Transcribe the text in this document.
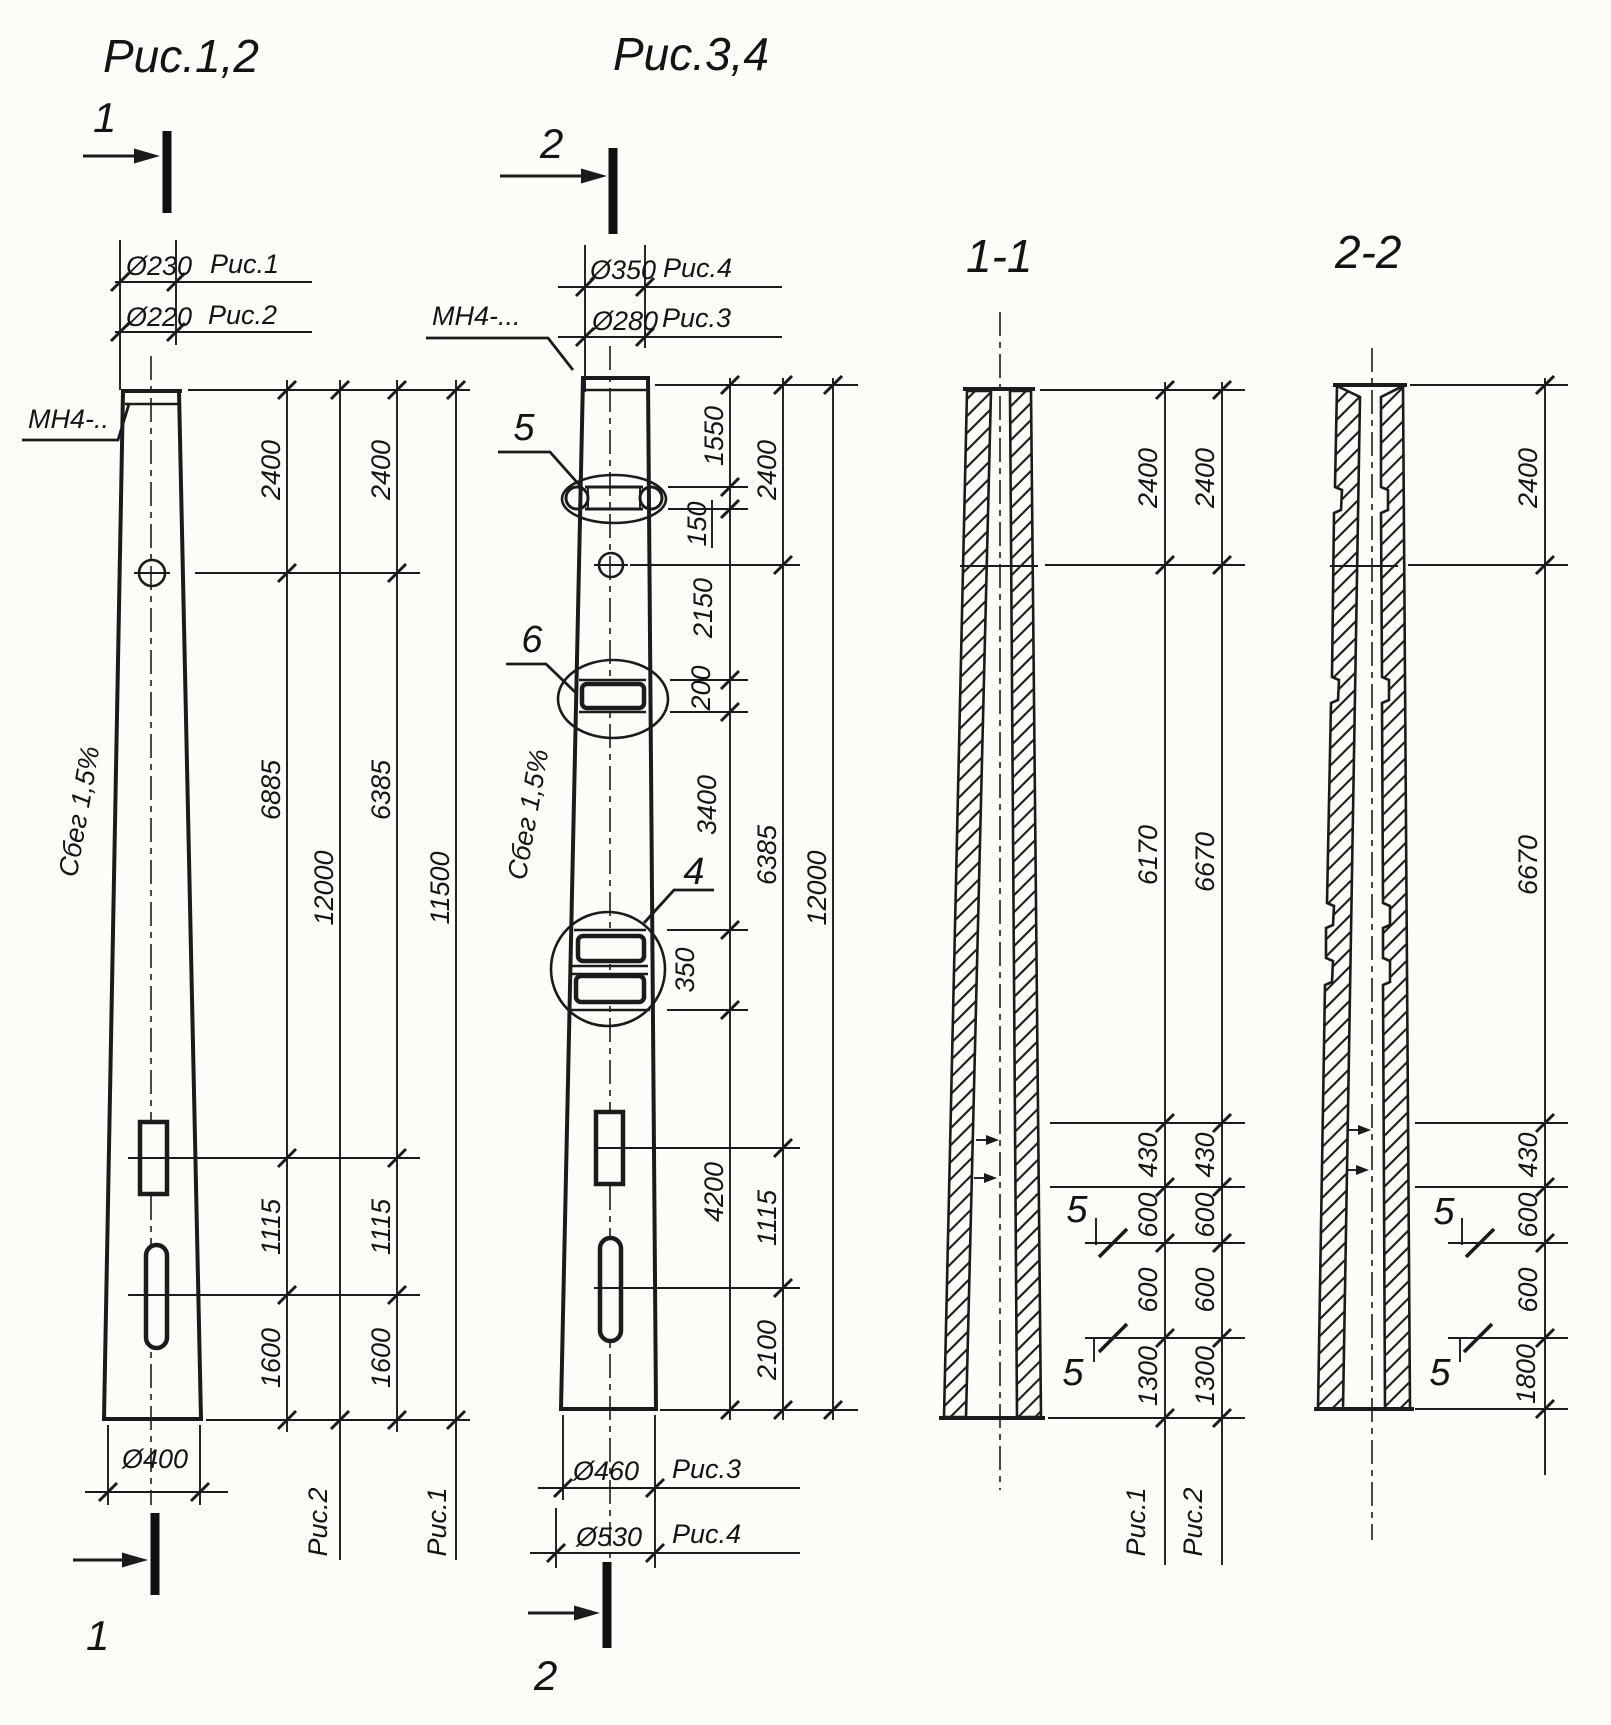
Рис.1,2
1
Ø230 Рис.1
Ø220 Рис.2
МН4-..
Сбег 1,5%
2400
6885
1115
1600
12000
2400
6385
1115
1600
11500
Рис.2	Рис.1
Ø400
1
Рис.3,4
2
Ø350 Рис.4
Ø280 Рис.3
МН4-...
5
6
Сбег 1,5%	4
1550
150
2150
200
3400
350
4200
2400
6385
1115
2100
12000
Ø460 Рис.3
Ø530 Рис.4
2
1-1
2400
6170
430
600
600
1300
2400
6670
430
600
600
1300
Рис.1 Рис.2
5
5
2-2
2400
6670
430
600
600
1800
5
5
